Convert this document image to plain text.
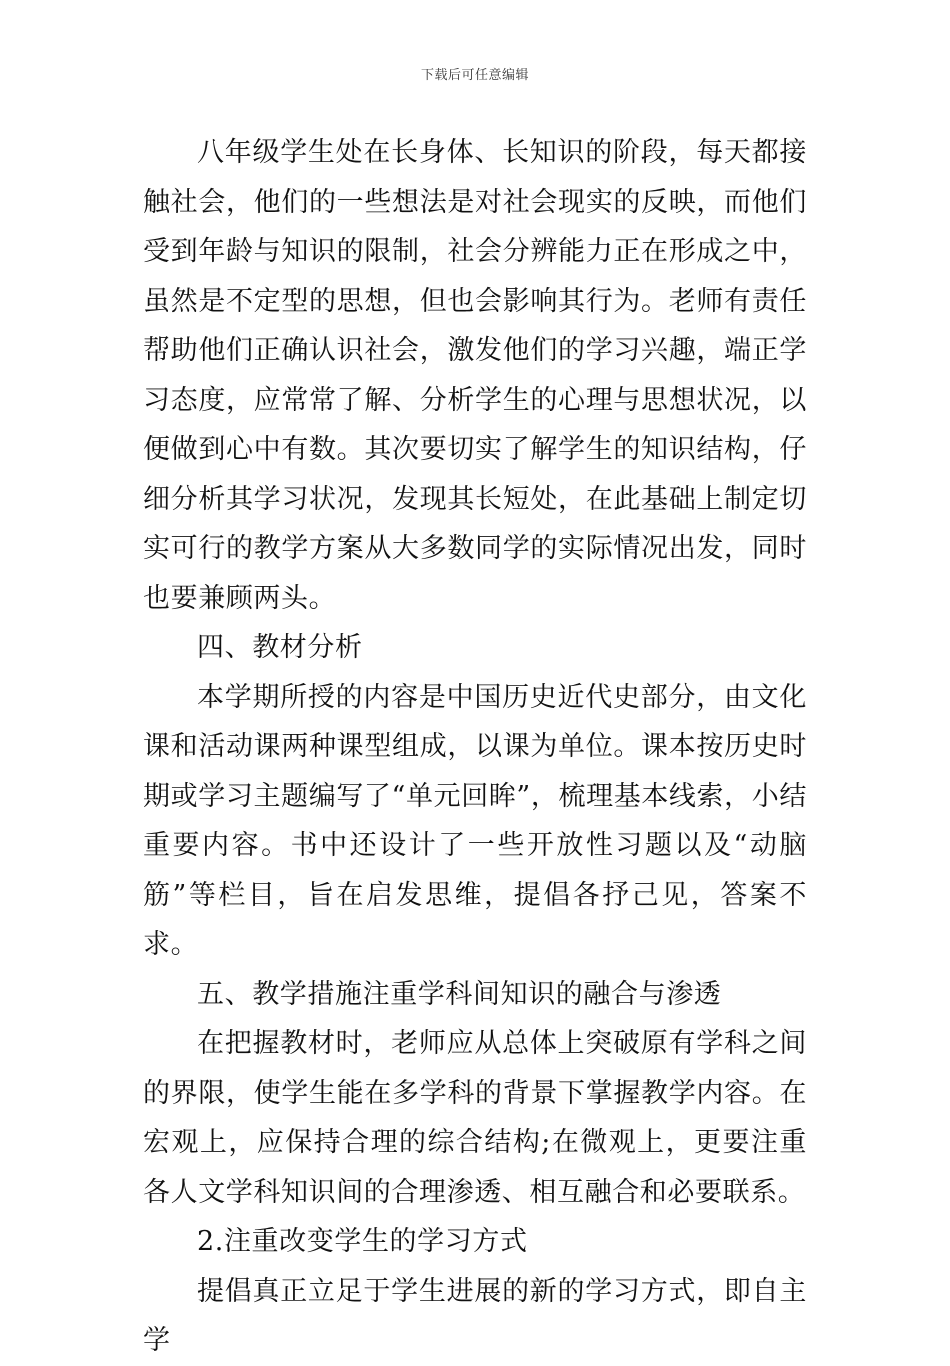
下载后可任意编辑

八年级学生处在长身体、长知识的阶段，每天都接触社会，他们的一些想法是对社会现实的反映，而他们受到年龄与知识的限制，社会分辨能力正在形成之中，虽然是不定型的思想，但也会影响其行为。老师有责任帮助他们正确认识社会，激发他们的学习兴趣，端正学习态度，应常常了解、分析学生的心理与思想状况，以便做到心中有数。其次要切实了解学生的知识结构，仔细分析其学习状况，发现其长短处，在此基础上制定切实可行的教学方案从大多数同学的实际情况出发，同时也要兼顾两头。

四、教材分析

本学期所授的内容是中国历史近代史部分，由文化课和活动课两种课型组成，以课为单位。课本按历史时期或学习主题编写了“单元回眸”，梳理基本线索，小结重要内容。书中还设计了一些开放性习题以及“动脑筋”等栏目，旨在启发思维，提倡各抒己见，答案不求。

五、教学措施注重学科间知识的融合与渗透

在把握教材时，老师应从总体上突破原有学科之间的界限，使学生能在多学科的背景下掌握教学内容。在宏观上，应保持合理的综合结构;在微观上，更要注重各人文学科知识间的合理渗透、相互融合和必要联系。

2.注重改变学生的学习方式

提倡真正立足于学生进展的新的学习方式，即自主学
